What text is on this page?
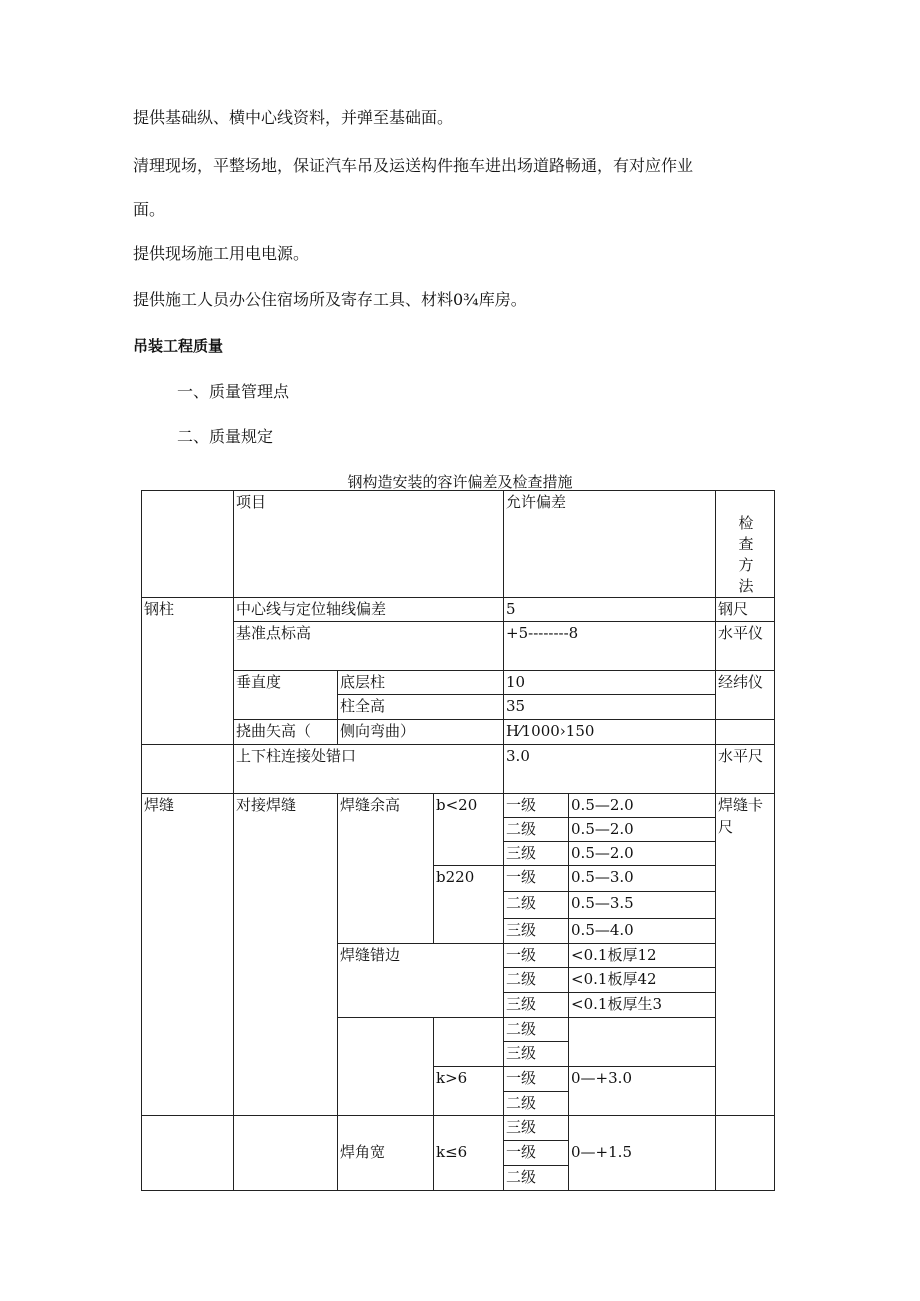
提供基础纵、横中心线资料，并弹至基础面。
清理现场，平整场地，保证汽车吊及运送构件拖车进出场道路畅通，有对应作业
面。
提供现场施工用电电源。
提供施工人员办公住宿场所及寄存工具、材料0¾库房。
吊装工程质量
一、质量管理点
二、质量规定
钢构造安装的容许偏差及检查措施
	项目			允许偏差		检
查
方
法

钢柱	中心线与定位轴线偏差			5		钢尺
	基准点标高			+5--------8		水平仪
	垂直度	底层柱		10		经纬仪
		柱全高		35		
	挠曲矢高（	侧向弯曲）		H⁄1000›150		
	上下柱连接处错口			3.0		水平尺
焊缝	对接焊缝	焊缝余高	b<20	一级	0.5—2.0	焊缝卡尺
				二级	0.5—2.0	
				三级	0.5—2.0	
			b220	一级	0.5—3.0	
				二级	0.5—3.5	
				三级	0.5—4.0	
		焊缝错边		一级	<0.1板厚12	
				二级	<0.1板厚42	
				三级	<0.1板厚生3	
				二级		
				三级		
			k>6	一级	0—+3.0	
				二级		
		焊角宽	k≤6	三级	0—+1.5	
				一级		
				二级		
